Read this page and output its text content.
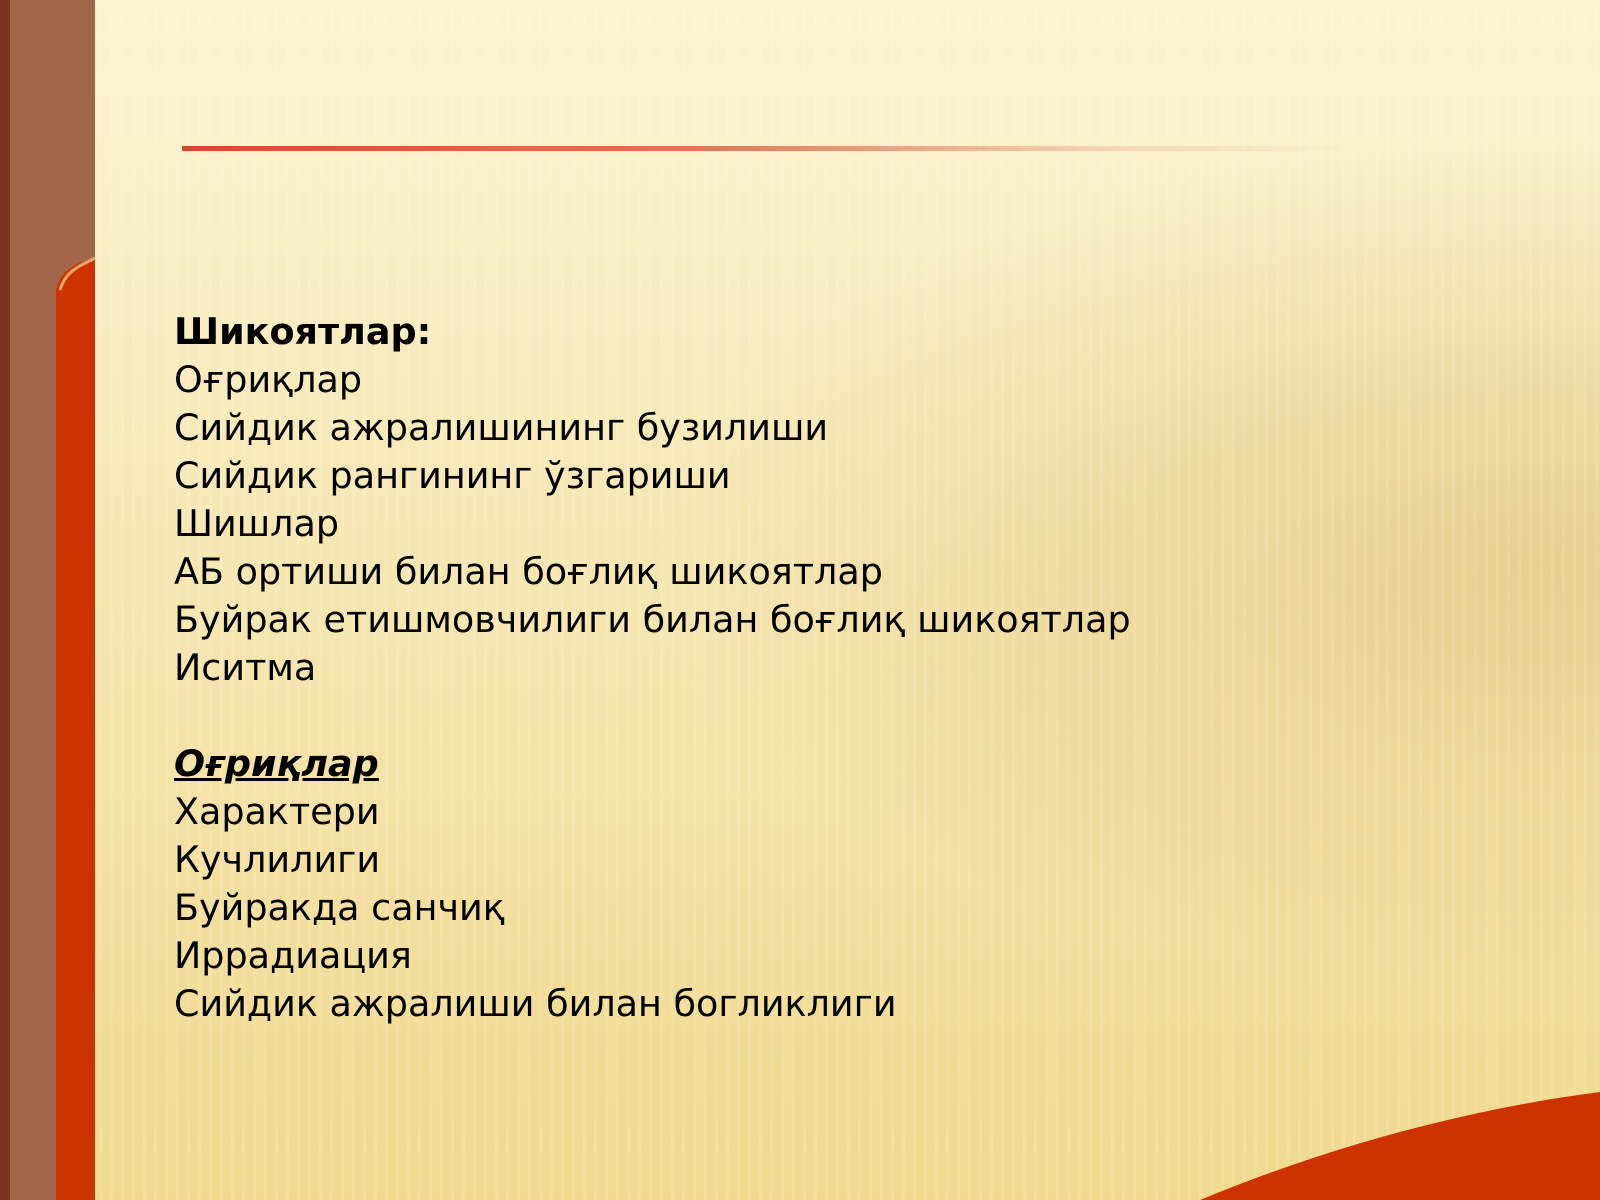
Шикоятлар:
Оғриқлар
Сийдик ажралишининг бузилиши
Сийдик рангининг ўзгариши
Шишлар
АБ ортиши билан боғлиқ шикоятлар
Буйрак етишмовчилиги билан боғлиқ шикоятлар
Иситма
Оғриқлар
Характери
Кучлилиги
Буйракда санчиқ
Иррадиация
Сийдик ажралиши билан богликлиги
